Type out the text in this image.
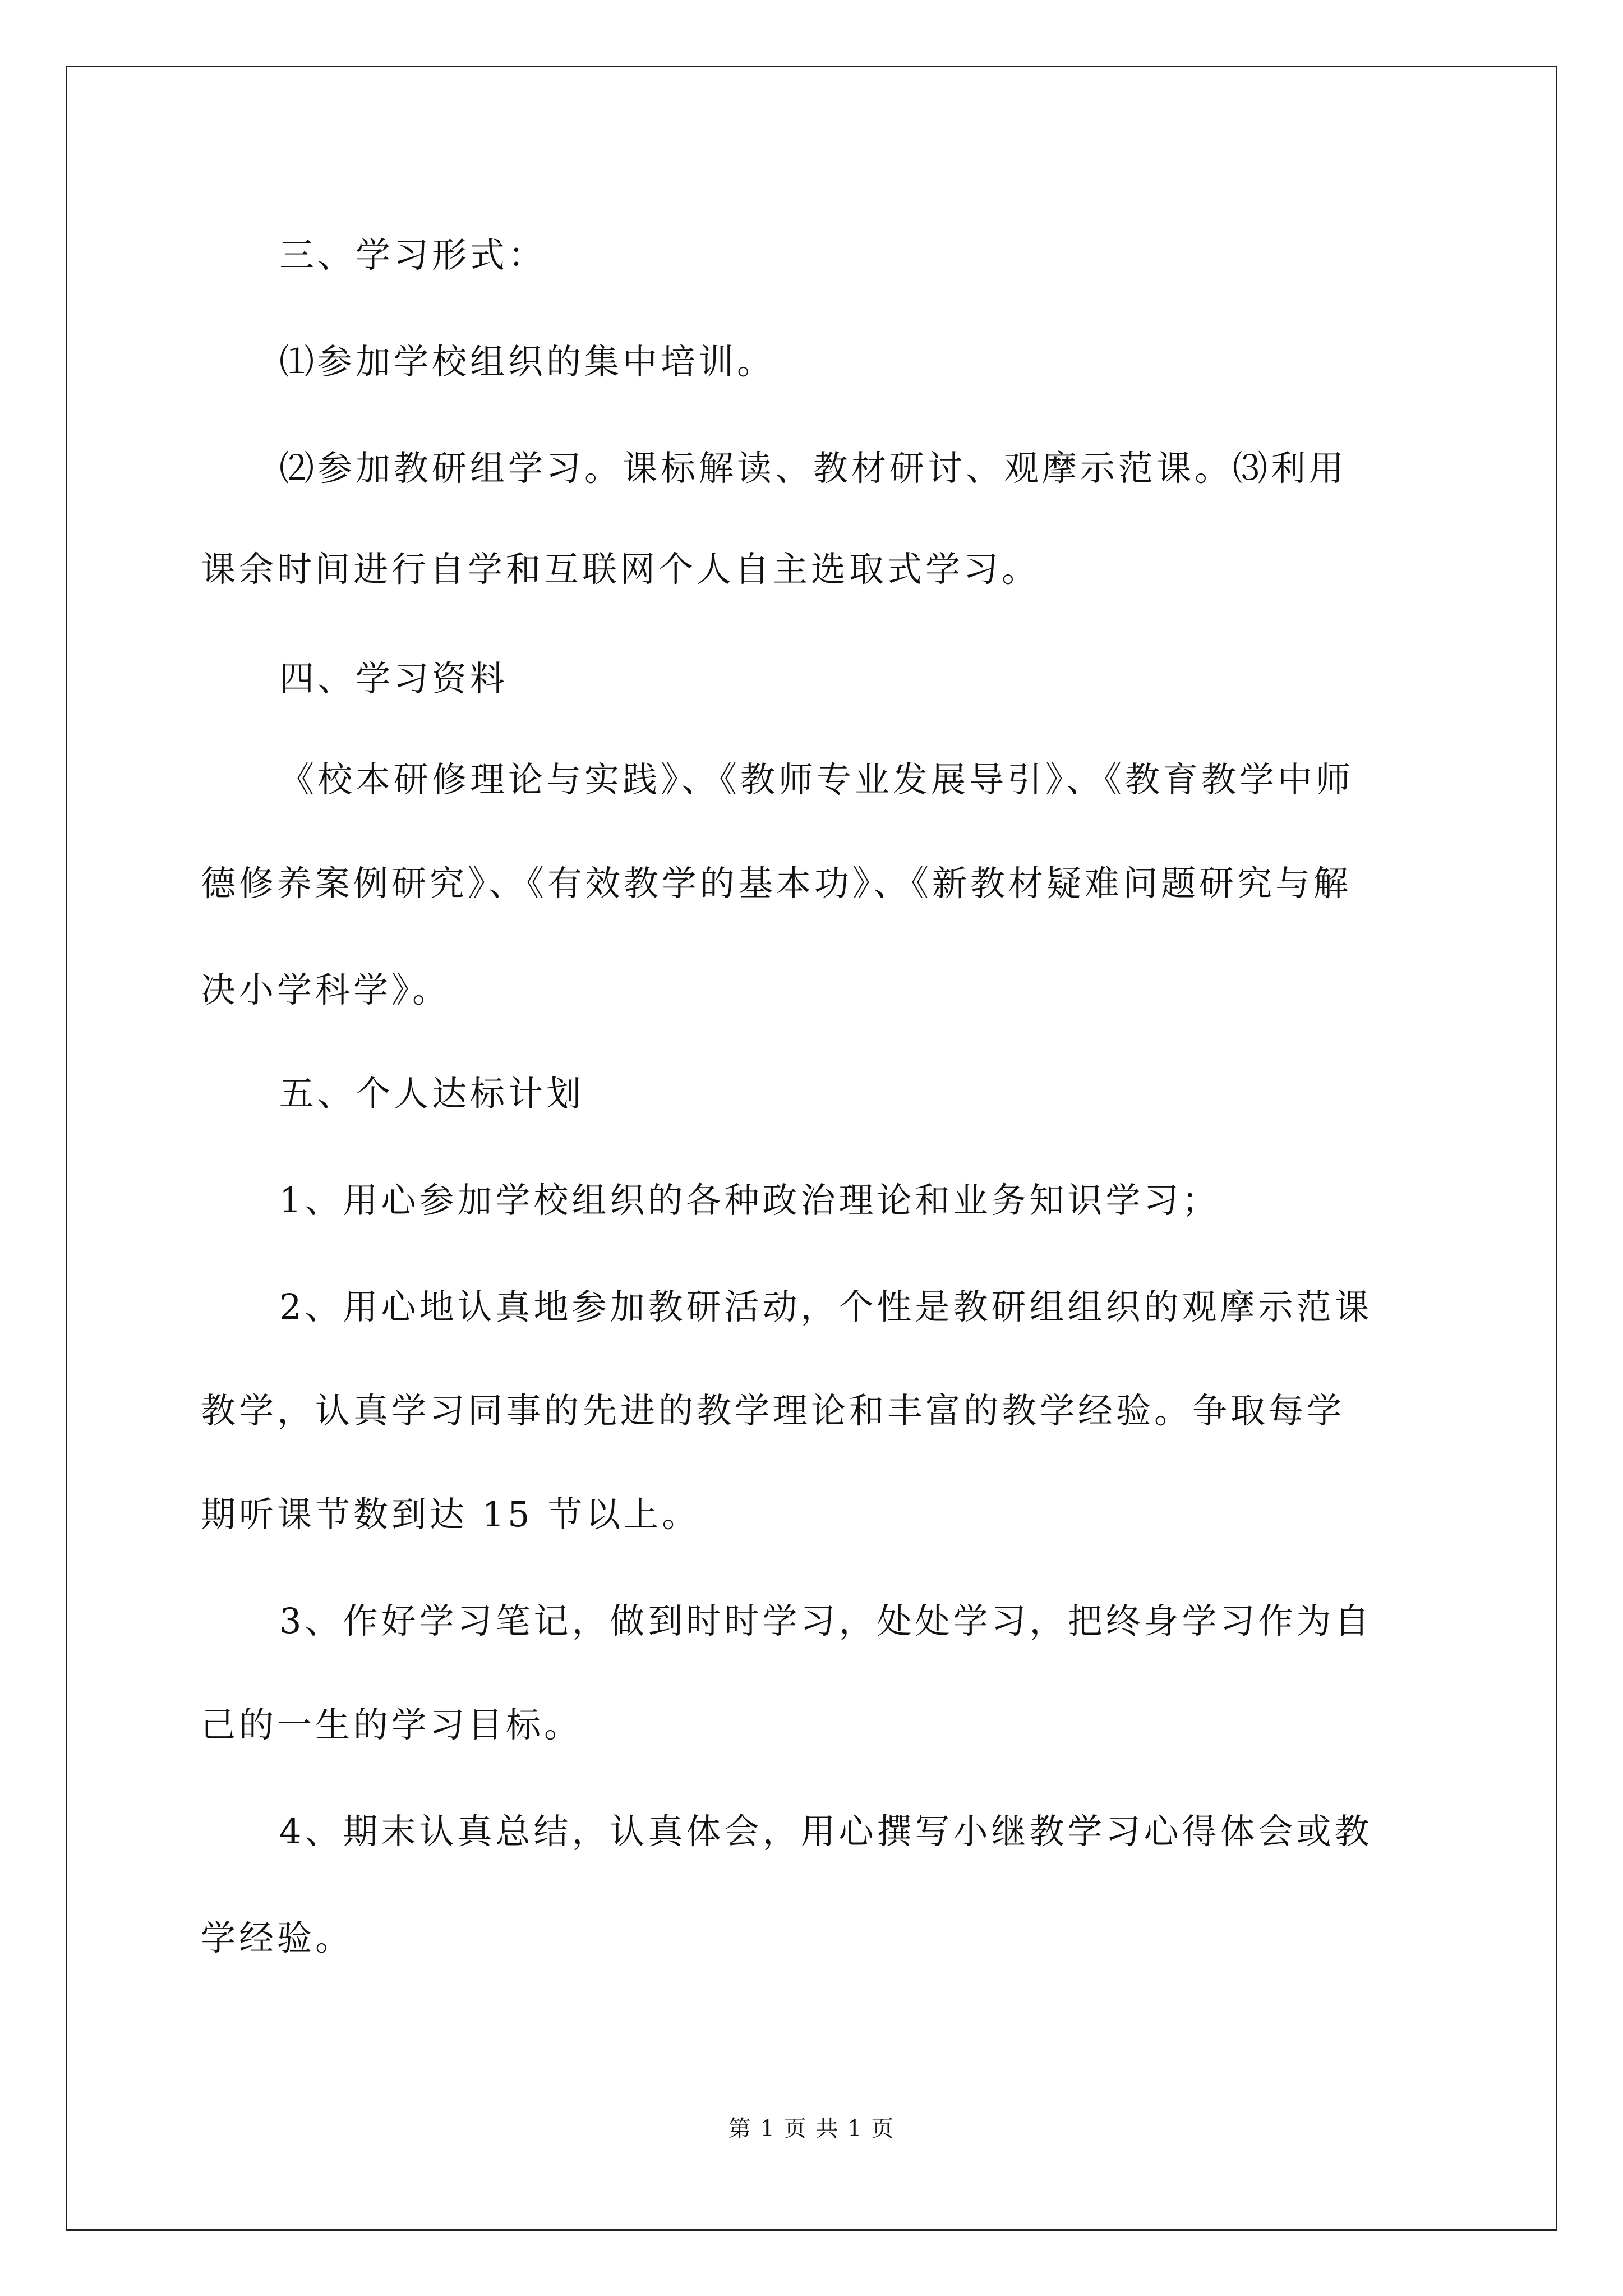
三、学习形式：
⑴参加学校组织的集中培训。
⑵参加教研组学习。课标解读、教材研讨、观摩示范课。⑶利用
课余时间进行自学和互联网个人自主选取式学习。
四、学习资料
《校本研修理论与实践》、《教师专业发展导引》、《教育教学中师
德修养案例研究》、《有效教学的基本功》、《新教材疑难问题研究与解
决小学科学》。
五、个人达标计划
1、用心参加学校组织的各种政治理论和业务知识学习；
2、用心地认真地参加教研活动，个性是教研组组织的观摩示范课
教学，认真学习同事的先进的教学理论和丰富的教学经验。争取每学
期听课节数到达 15 节以上。
3、作好学习笔记，做到时时学习，处处学习，把终身学习作为自
己的一生的学习目标。
4、期末认真总结，认真体会，用心撰写小继教学习心得体会或教
学经验。
第 1 页 共 1 页
